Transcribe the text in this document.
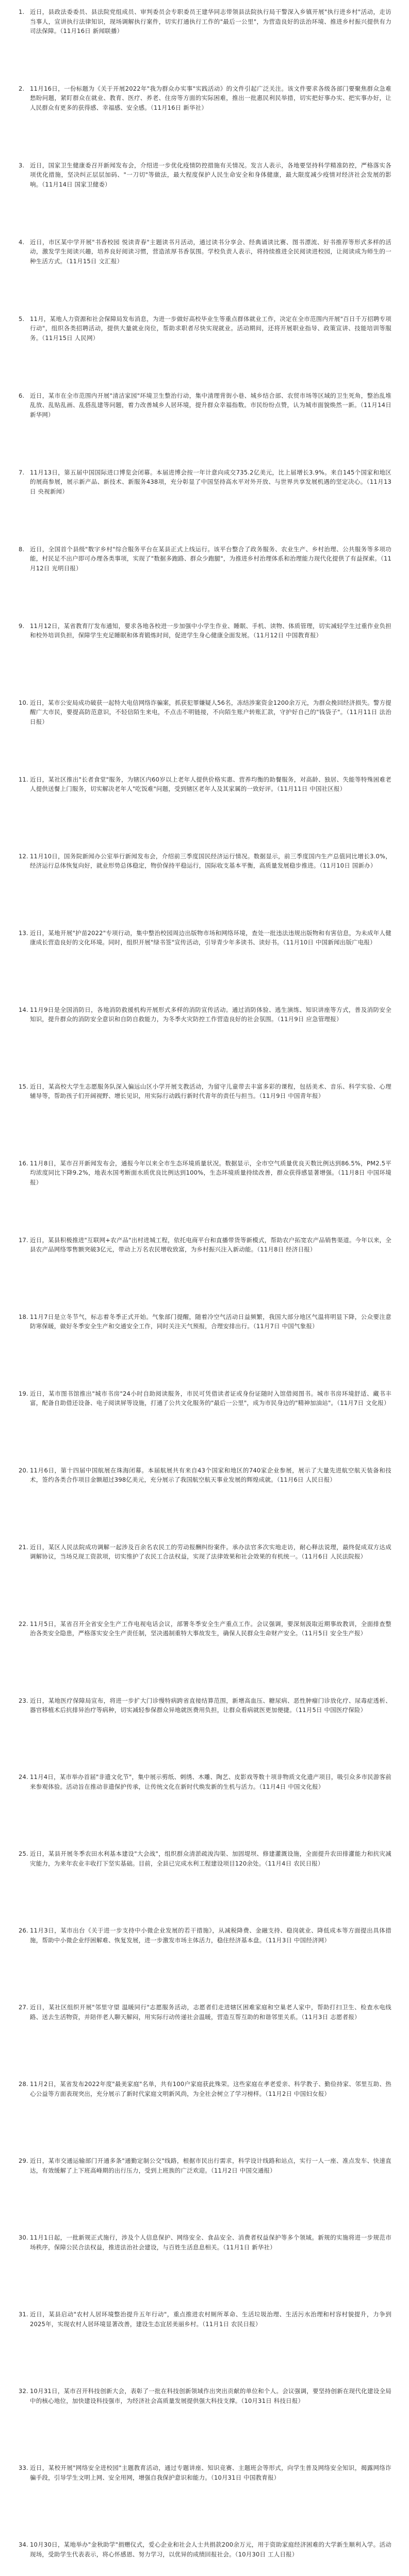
1. 近日，县政法委委员、县法院党组成员、审判委员会专职委员王建华同志带领县法院执行局干警深入乡镇开展"执行进乡村"活动，走访当事人，宣讲执行法律知识，现场调解执行案件，切实打通执行工作的"最后一公里"，为营造良好的法治环境、推进乡村振兴提供有力司法保障。（11月16日 新闻联播）
2. 11月16日，一份标题为《关于开展2022年"我为群众办实事"实践活动》的文件引起广泛关注。该文件要求各级各部门要聚焦群众急难愁盼问题，紧盯群众在就业、教育、医疗、养老、住房等方面的实际困难，推出一批惠民利民举措，切实把好事办实、把实事办好，让人民群众有更多的获得感、幸福感、安全感。（11月16日 新华社）
3. 近日，国家卫生健康委召开新闻发布会，介绍进一步优化疫情防控措施有关情况。发言人表示，各地要坚持科学精准防控，严格落实各项优化措施，坚决纠正层层加码、"一刀切"等做法，最大程度保护人民生命安全和身体健康，最大限度减少疫情对经济社会发展的影响。（11月14日 国家卫健委）
4. 近日，市区某中学开展"书香校园 悦读青春"主题读书月活动，通过读书分享会、经典诵读比赛、图书漂流、好书推荐等形式多样的活动，激发学生阅读兴趣，培养良好阅读习惯，营造浓厚书香氛围。学校负责人表示，将持续推进全民阅读进校园，让阅读成为师生的一种生活方式。（11月15日 文汇报）
5. 11月，某地人力资源和社会保障局发布消息，为进一步做好高校毕业生等重点群体就业工作，决定在全市范围内开展"百日千万招聘专项行动"，组织各类招聘活动，提供大量就业岗位，帮助求职者尽快实现就业。活动期间，还将开展职业指导、政策宣讲、技能培训等服务。（11月15日 人民网）
6. 近日，某市在全市范围内开展"清洁家园"环境卫生整治行动，集中清理背街小巷、城乡结合部、农贸市场等区域的卫生死角，整治乱堆乱放、乱贴乱画、乱搭乱建等问题，着力改善城乡人居环境，提升群众幸福指数。市民纷纷点赞，认为城市面貌焕然一新。（11月14日 新华网）
7. 11月13日，第五届中国国际进口博览会闭幕。本届进博会按一年计意向成交735.2亿美元，比上届增长3.9%。来自145个国家和地区的展商参展，展示新产品、新技术、新服务438项，充分彰显了中国坚持高水平对外开放、与世界共享发展机遇的坚定决心。（11月13日 央视新闻）
8. 近日，全国首个县级"数字乡村"综合服务平台在某县正式上线运行。该平台整合了政务服务、农业生产、乡村治理、公共服务等多项功能，村民足不出户即可办理各类事项，实现了"数据多跑路、群众少跑腿"，为推进乡村治理体系和治理能力现代化提供了有益探索。（11月12日 光明日报）
9. 11月12日，某省教育厅发布通知，要求各地各校进一步加强中小学生作业、睡眠、手机、读物、体质管理，切实减轻学生过重作业负担和校外培训负担，保障学生充足睡眠和体育锻炼时间，促进学生身心健康全面发展。（11月12日 中国教育报）
10. 近日，某市公安局成功破获一起特大电信网络诈骗案，抓获犯罪嫌疑人56名，冻结涉案资金1200余万元，为群众挽回经济损失。警方提醒广大市民，要提高防范意识，不轻信陌生来电，不点击不明链接，不向陌生账户转账汇款，守护好自己的"钱袋子"。（11月11日 法治日报）
11. 近日，某社区推出"长者食堂"服务，为辖区内60岁以上老年人提供价格实惠、营养均衡的助餐服务，对高龄、独居、失能等特殊困难老人提供送餐上门服务，切实解决老年人"吃饭难"问题，受到辖区老年人及其家属的一致好评。（11月11日 中国社区报）
12. 11月10日，国务院新闻办公室举行新闻发布会，介绍前三季度国民经济运行情况。数据显示，前三季度国内生产总值同比增长3.0%，经济运行总体恢复向好，就业形势总体稳定，物价保持平稳运行，国际收支基本平衡，高质量发展稳步推进。（11月10日 国新办）
13. 近日，某地开展"护苗2022"专项行动，集中整治校园周边出版物市场和网络环境，查处一批违法违规出版物和有害信息，为未成年人健康成长营造良好的文化环境。同时，组织开展"绿书签"宣传活动，引导青少年多读书、读好书。（11月10日 中国新闻出版广电报）
14. 11月9日是全国消防日，各地消防救援机构开展形式多样的消防宣传活动。通过消防体验、逃生演练、知识讲座等方式，普及消防安全知识，提升群众的消防安全意识和自防自救能力，为冬季火灾防控工作营造良好的社会氛围。（11月9日 应急管理报）
15. 近日，某高校大学生志愿服务队深入偏远山区小学开展支教活动，为留守儿童带去丰富多彩的课程，包括美术、音乐、科学实验、心理辅导等，帮助孩子们开阔视野、增长见识，用实际行动践行新时代青年的责任与担当。（11月9日 中国青年报）
16. 11月8日，某市召开新闻发布会，通报今年以来全市生态环境质量状况。数据显示，全市空气质量优良天数比例达到86.5%，PM2.5平均浓度同比下降9.2%，地表水国考断面水质优良比例达到100%，生态环境质量持续改善，群众获得感显著增强。（11月8日 中国环境报）
17. 近日，某县积极推进"互联网+农产品"出村进城工程，依托电商平台和直播带货等新模式，帮助农户拓宽农产品销售渠道。今年以来，全县农产品网络零售额突破3亿元，带动上万名农民增收致富，为乡村振兴注入新动能。（11月8日 经济日报）
18. 11月7日是立冬节气，标志着冬季正式开始。气象部门提醒，随着冷空气活动日益频繁，我国大部分地区气温将明显下降，公众要注意防寒保暖，做好冬季安全生产和交通安全工作，同时关注天气预报，合理安排出行。（11月7日 中国气象报）
19. 近日，某市图书馆推出"城市书房"24小时自助阅读服务，市民可凭借读者证或身份证随时入馆借阅图书。城市书房环境舒适、藏书丰富，配备自助借还设备、电子阅读屏等设施，打通了公共文化服务的"最后一公里"，成为市民身边的"精神加油站"。（11月7日 文化报）
20. 11月6日，第十四届中国航展在珠海闭幕。本届航展共有来自43个国家和地区的740家企业参展，展示了大量先进航空航天装备和技术，签约各类合作项目金额超过398亿美元，充分展示了我国航空航天事业发展的辉煌成就。（11月6日 人民日报）
21. 近日，某区人民法院成功调解一起涉及百余名农民工的劳动报酬纠纷案件。承办法官多次实地走访，耐心释法说理，最终促成双方达成调解协议，当场兑现工资款项，切实维护了农民工合法权益，实现了法律效果和社会效果的有机统一。（11月6日 人民法院报）
22. 11月5日，某省召开全省安全生产工作电视电话会议，部署冬季安全生产重点工作。会议强调，要深刻汲取近期事故教训，全面排查整治各类安全隐患，严格落实安全生产责任制，坚决遏制重特大事故发生，确保人民群众生命财产安全。（11月5日 安全生产报）
23. 近日，某地医疗保障局宣布，将进一步扩大门诊慢特病跨省直接结算范围，新增高血压、糖尿病、恶性肿瘤门诊放化疗、尿毒症透析、器官移植术后抗排异治疗等病种，切实减轻参保群众异地就医费用负担，让群众看病就医更加便捷。（11月5日 中国医疗保险）
24. 11月4日，某市举办首届"非遗文化节"，集中展示剪纸、刺绣、木雕、陶艺、皮影戏等数十项非物质文化遗产项目，吸引众多市民游客前来参观体验。活动旨在推动非遗保护传承，让传统文化在新时代焕发新的生机与活力。（11月4日 中国文化报）
25. 近日，某县开展冬季农田水利基本建设"大会战"，组织群众清淤疏浚沟渠、加固堤坝、修建灌溉设施，全面提升农田排灌能力和抗灾减灾能力，为来年农业丰收打下坚实基础。目前，全县已完成水利工程建设项目120余处。（11月4日 农民日报）
26. 11月3日，某市出台《关于进一步支持中小微企业发展的若干措施》，从减税降费、金融支持、稳岗就业、降低成本等方面提出具体措施，帮助中小微企业纾困解难、恢复发展，进一步激发市场主体活力，稳住经济基本盘。（11月3日 中国经济网）
27. 近日，某社区组织开展"邻里守望 温暖同行"志愿服务活动，志愿者们走进辖区困难家庭和空巢老人家中，帮助打扫卫生、检查水电线路、送去生活物资，并陪伴老人聊天解闷，用实际行动传递社会温暖，营造互帮互助的和谐邻里关系。（11月3日 志愿者报）
28. 11月2日，某省发布2022年度"最美家庭"名单，共有100户家庭获此殊荣。这些家庭在孝老爱亲、科学教子、勤俭持家、邻里互助、热心公益等方面表现突出，充分展示了新时代家庭文明新风尚，为全社会树立了学习榜样。（11月2日 中国妇女报）
29. 近日，某市交通运输部门开通多条"通勤定制公交"线路，根据市民出行需求，科学设计线路和站点，实行一人一座、准点发车、快速直达，有效缓解了上下班高峰期的出行压力，受到上班族的广泛欢迎。（11月2日 中国交通报）
30. 11月1日起，一批新规正式施行，涉及个人信息保护、网络安全、食品安全、消费者权益保护等多个领域。新规的实施将进一步规范市场秩序，保障公民合法权益，推进法治社会建设，与百姓生活息息相关。（11月1日 新华社）
31. 近日，某县启动"农村人居环境整治提升五年行动"，重点推进农村厕所革命、生活垃圾治理、生活污水治理和村容村貌提升，力争到2025年，实现农村人居环境显著改善，建设生态宜居美丽乡村。（11月1日 农民日报）
32. 10月31日，某市召开科技创新大会，表彰了一批在科技创新领域作出突出贡献的单位和个人。会议强调，要坚持创新在现代化建设全局中的核心地位，加快建设科技强市，为经济社会高质量发展提供强大科技支撑。（10月31日 科技日报）
33. 近日，某校开展"网络安全进校园"主题教育活动，通过专题讲座、知识竞赛、主题班会等形式，向学生普及网络安全知识，揭露网络诈骗手段，引导学生文明上网、安全用网，增强自我保护意识和能力。（10月31日 中国教育报）
34. 10月30日，某地举办"金秋助学"捐赠仪式，爱心企业和社会人士共捐款200余万元，用于资助家庭经济困难的大学新生顺利入学。活动现场，受助学生代表表示，将心怀感恩、努力学习，以优异的成绩回报社会。（10月30日 工人日报）
